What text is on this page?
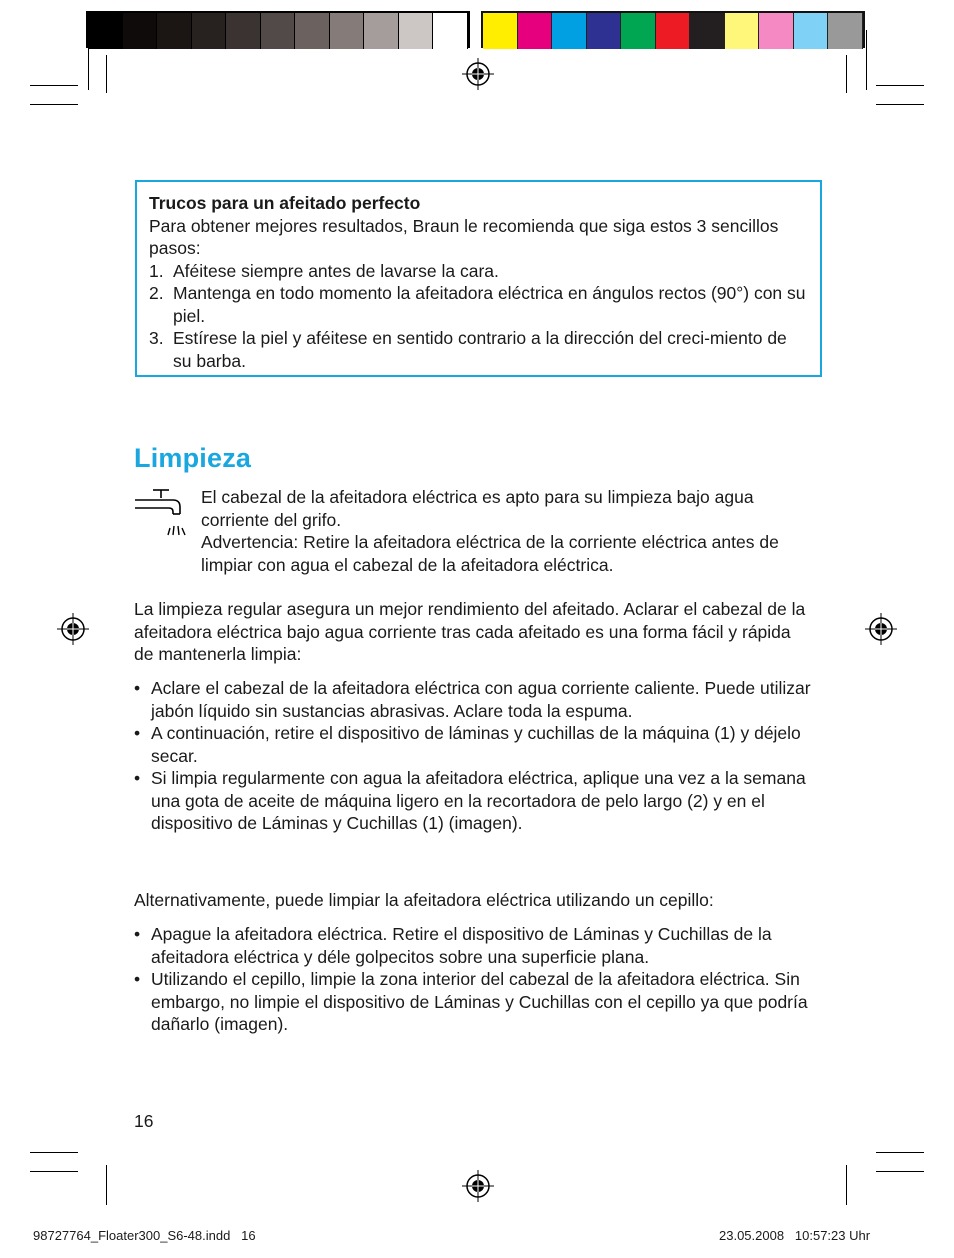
Trucos para un afeitado perfecto
Para obtener mejores resultados, Braun le recomienda que siga estos 3 sencillos pasos:
1. Aféitese siempre antes de lavarse la cara.
2. Mantenga en todo momento la afeitadora eléctrica en ángulos rectos (90°) con su piel.
3. Estírese la piel y aféitese en sentido contrario a la dirección del creci-miento de su barba.
Limpieza
El cabezal de la afeitadora eléctrica es apto para su limpieza bajo agua corriente del grifo.
Advertencia: Retire la afeitadora eléctrica de la corriente eléctrica antes de limpiar con agua el cabezal de la afeitadora eléctrica.
La limpieza regular asegura un mejor rendimiento del afeitado. Aclarar el cabezal de la afeitadora eléctrica bajo agua corriente tras cada afeitado es una forma fácil y rápida de mantenerla limpia:
• Aclare el cabezal de la afeitadora eléctrica con agua corriente caliente. Puede utilizar jabón líquido sin sustancias abrasivas. Aclare toda la espuma.
• A continuación, retire el dispositivo de láminas y cuchillas de la máquina (1) y déjelo secar.
• Si limpia regularmente con agua la afeitadora eléctrica, aplique una vez a la semana una gota de aceite de máquina ligero en la recortadora de pelo largo (2) y en el dispositivo de Láminas y Cuchillas (1) (imagen).
Alternativamente, puede limpiar la afeitadora eléctrica utilizando un cepillo:
• Apague la afeitadora eléctrica. Retire el dispositivo de Láminas y Cuchillas de la afeitadora eléctrica y déle golpecitos sobre una superficie plana.
• Utilizando el cepillo, limpie la zona interior del cabezal de la afeitadora eléctrica. Sin embargo, no limpie el dispositivo de Láminas y Cuchillas con el cepillo ya que podría dañarlo (imagen).
16
98727764_Floater300_S6-48.indd   16	23.05.2008   10:57:23 Uhr
